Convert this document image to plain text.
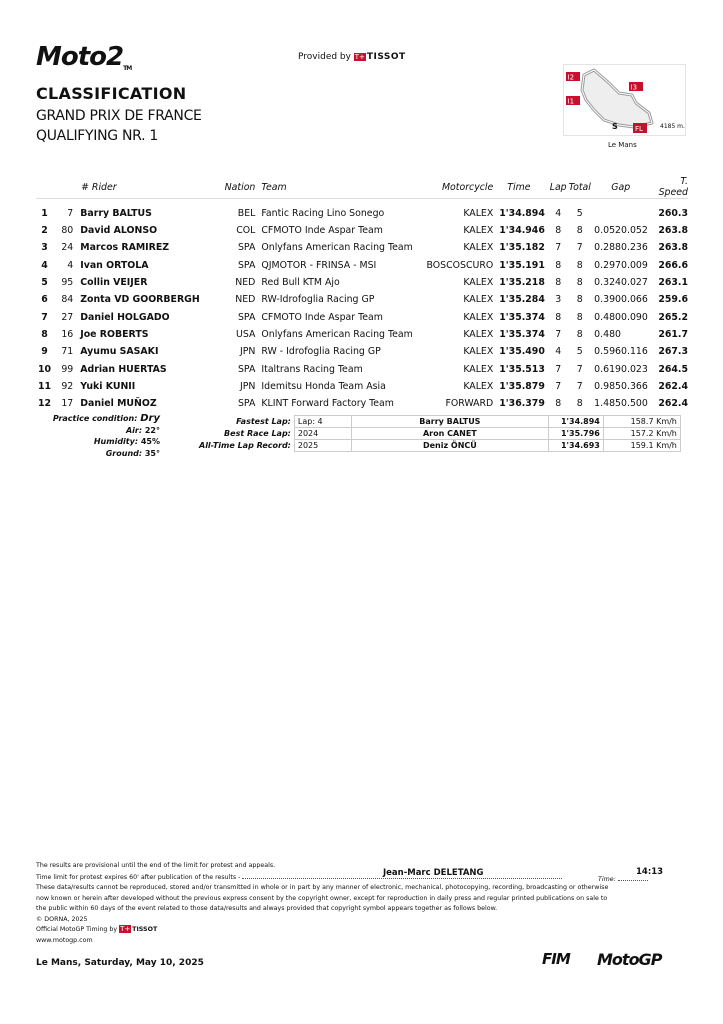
Moto2TM
Provided by T+ TISSOT
CLASSIFICATION
GRAND PRIX DE FRANCE
QUALIFYING NR. 1
I2
I3
I1
S FL	4185 m.
Le Mans
	# Rider		Nation	Team	Motorcycle	Time	Lap	Total	Gap		T. Speed
1	7	Barry BALTUS	BEL	Fantic Racing Lino Sonego	KALEX	1'34.894	4	5			260.3
2	80	David ALONSO	COL	CFMOTO Inde Aspar Team	KALEX	1'34.946	8	8	0.052	0.052	263.8
3	24	Marcos RAMIREZ	SPA	Onlyfans American Racing Team	KALEX	1'35.182	7	7	0.288	0.236	263.8
4	4	Ivan ORTOLA	SPA	QJMOTOR - FRINSA - MSI	BOSCOSCURO	1'35.191	8	8	0.297	0.009	266.6
5	95	Collin VEIJER	NED	Red Bull KTM Ajo	KALEX	1'35.218	8	8	0.324	0.027	263.1
6	84	Zonta VD GOORBERGH	NED	RW-Idrofoglia Racing GP	KALEX	1'35.284	3	8	0.390	0.066	259.6
7	27	Daniel HOLGADO	SPA	CFMOTO Inde Aspar Team	KALEX	1'35.374	8	8	0.480	0.090	265.2
8	16	Joe ROBERTS	USA	Onlyfans American Racing Team	KALEX	1'35.374	7	8	0.480		261.7
9	71	Ayumu SASAKI	JPN	RW - Idrofoglia Racing GP	KALEX	1'35.490	4	5	0.596	0.116	267.3
10	99	Adrian HUERTAS	SPA	Italtrans Racing Team	KALEX	1'35.513	7	7	0.619	0.023	264.5
11	92	Yuki KUNII	JPN	Idemitsu Honda Team Asia	KALEX	1'35.879	7	7	0.985	0.366	262.4
12	17	Daniel MUÑOZ	SPA	KLINT Forward Factory Team	FORWARD	1'36.379	8	8	1.485	0.500	262.4
Practice condition: Dry
Air: 22°
Humidity: 45%
Ground: 35°
Fastest Lap:	Lap: 4	Barry BALTUS	1'34.894	158.7 Km/h
Best Race Lap:	2024	Aron CANET	1'35.796	157.2 Km/h
All-Time Lap Record:	2025	Deniz ÖNCÜ	1'34.693	159.1 Km/h
The results are provisional until the end of the limit for protest and appeals.
Time limit for protest expires 60' after publication of the results -
These data/results cannot be reproduced, stored and/or transmitted in whole or in part by any manner of electronic, mechanical, photocopying, recording, broadcasting or otherwise
now known or herein after developed without the previous express consent by the copyright owner, except for reproduction in daily press and regular printed publications on sale to
the public within 60 days of the event related to those data/results and always provided that copyright symbol appears together as follows below.
© DORNA, 2025
Official MotoGP Timing by T+ TISSOT
www.motogp.com
Jean-Marc DELETANG
Time:
14:13
Le Mans, Saturday, May 10, 2025	FIM MotoGP
